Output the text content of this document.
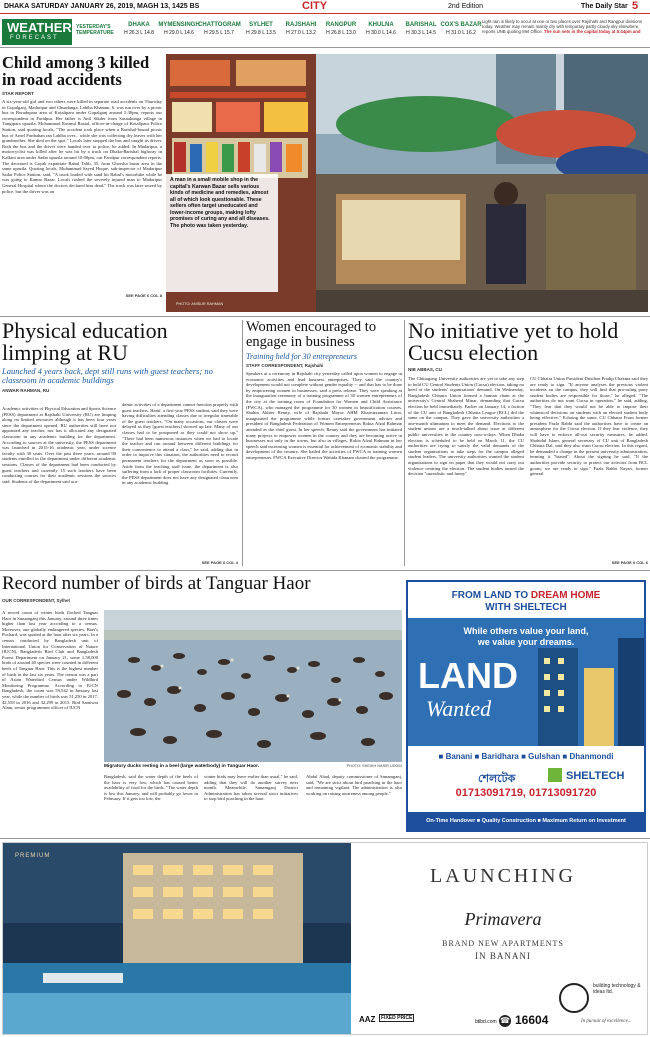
DHAKA SATURDAY JANUARY 26, 2019, MAGH 13, 1425 BS	CITY	2nd Edition	The Daily Star 5
WEATHER
FORECAST
YESTERDAY'S TEMPERATURE
DHAKA
H 26.3 L 14.8
MYMENSINGH
H 29.0 L 14.6
CHATTOGRAM
H 29.5 L 15.7
SYLHET
H 29.8 L 13.5
RAJSHAHI
H 27.0 L 13.2
RANGPUR
H 26.8 L 13.0
KHULNA
H 30.0 L 14.6
BARISHAL
H 30.3 L 14.5
COX'S BAZAR
H 31.0 L 16.2
Light rain is likely to occur at one or two places over Rajshahi and Rangpur divisions today. Weather may remain mainly dry with temporary partly cloudy sky elsewhere, reports UNB quoting Met Office. The sun sets in the capital today at 5:44pm and
Child among 3 killed in road accidents
STAR REPORT
A six-year-old girl and two others were killed in separate road accidents on Thursday in Gopalganj, Madaripur and Chuadanga. Labiba Khanam, 6, was run over by a picnic bus in Boradupara area of Kotalipara under Gopalganj around 5:30pm, reports our correspondent in Faridpur. Her father is Anil Sikder from Sasnakunga village in Tungipara upazila. Mohammad Rasmul Rustal, officer-in-charge of Kotalipara Police Station, said quoting locals, "The accident took place when a Barishal-bound picnic bus of Arnel Paribahan ran Labiba over... while she was collecting dry leaves with her grandmother. She died on the spot." Locals later stopped the bus and caught its driver. Both the bus and the driver were handed over to police, he added. In Madaripur, a motorcyclist was killed after he was hit by a truck on Dhaka-Barishal highway in Kalkini area under Sadar upazila around 10:00pm, our Faridpur correspondent reports. The deceased is Gayak expatriate Babul Talib, 35, from Ghorsha bazar area in the same upazila. Quoting locals, Muhammad Sayed Hoque, sub-inspector of Madaripur Sadar Police Station, said, "A truck loaded with sand hit Babul's motorbike while he was going to Kamar Bazar. Locals rushed the severely injured man to Madaripur General Hospital where the doctors declared him dead." The truck was later seized by police, but the driver was on
SEE PAGE 6 COL 8
A man in a small mobile shop in the capital's Karwan Bazar sells various kinds of medicine and remedies, almost all of which look questionable. These sellers often target uneducated and lower-income groups, making lofty promises of curing any and all diseases. The photo was taken yesterday.
PHOTO: ANISUR RAHMAN
Physical education limping at RU
Launched 4 years back, dept still runs with guest teachers; no classroom in academic buildings
ANWAR RAHMAN, RU
Academic activities of Physical Education and Sports Science (PESS) department at Rajshahi University (RU) are limping along on limited resources although it has been four years since the department opened. RU authorities still have not appointed any teacher, nor has it allocated any designated classroom in any academic building for the department. According to sources at the university, the PESS department was launched in 2015-16 academic year, under science faculty with 30 seats. Over the past three years, around 90 students enrolled in the department under different academic sessions. Classes of the department had been conducted by guest teachers and currently 15 such teachers have been conducting courses for their academic sessions the sources said. Students of the department said aca-
demic activities of a department cannot function properly with guest teachers. Hanif, a first-year PESS student, said they were having difficulties attending classes due to irregular timetable of the guest teachers. "On many occasions, our classes were delayed as they [guest teachers] showed up late. Many of our classes had to be postponed as they could not show up." "There had been numerous instances when we had to locate the teacher and run around between different buildings for their convenience to attend a class," he said, adding that in order to improve this situation, the authorities need to recruit permanent teachers for the department as soon as possible. Aside from the teaching staff issue, the department is also suffering from a lack of proper classroom facilities. Currently, the PESS department does not have any designated classroom in any academic building
SEE PAGE 6 COL 4
Women encouraged to engage in business
Training held for 30 entrepreneurs
STAFF CORRESPONDENT, Rajshahi
Speakers at a ceremony in Rajshahi city yesterday called upon women to engage in economic activities and lead business enterprises. They said the country's development would not complete without gender equality -- and that has to be done by empowering women in businesses, said a press release. They were speaking at the inauguration ceremony of a training programme of 30 women entrepreneurs of the city at the training room of Foundation for Women and Child Assistance (FWCA), who managed the programme for 30 women in beautification courses. Shahin Akhter Renny, wife of Rajshahi Mayor AHM Khairuzzaman Liton, inaugurated the programme while former caretaker government adviser and president of Bangladesh Federation of Women Entrepreneurs Rokia Afzal Rahman attended as the chief guest. In her speech, Renny said the government has initiated many projects to empower women in the country and they are becoming active in businesses not only in the towns, but also in villages. Rokia Afzal Rahman in her speech said increasing women is essential for achievement of economic stability and development of the country. She hailed the activities of FWCA in training women entrepreneurs. FWCA Executive Director Wahida Khanam chaired the programme.
No initiative yet to hold Cucsu election
NIB ABBAS, CU
The Chittagong University authorities are yet to take any step to hold CU Central Students Union (Cucsu) election, taking no heed of the students' organisations' demand. On Wednesday, Bangladesh Chhatra Union formed a human chain at the university's Central Shaheed Minar, demanding that Cucsu election be held immediately. Earlier on January 14, a faction of the CU unit of Bangladesh Chhatra League (BCL) did the same on the campus. They gave the university authorities a one-month ultimatum to meet the demand. Elections to the student unions are a much-talked about issue at different public universities in the country now-a-days. When Dhaka election is scheduled to be held on March 11, the CU authorities are trying to satisfy the valid demands of the student organisations to take steps for the campus alleged student leaders. The university authorities wanted the student organisations to sign on paper that they would not carry out violence centring the election. The student bodies turned the decision "unrealistic and funny".
CU Chhatra Union President Dristhon Pradip Chakma said they are ready to sign. "If anyone analyses the previous violent incidents on the campus, they will find that pro-ruling party student bodies are responsible for those," he alleged. "The authorities do not want Cucsu in operation," he said, adding, "They fear that they would not be able to impose their whimsical decisions on students with an elected student body being effective." Echoing the same, CU Chhatra Front former president Fazla Rabbi said the authorities have to create an atmosphere for the Cucsu election. If they fear violence, they will have to enforce all-out security measures, he added. Shahidul Islam, general secretary of CU unit of Bangladesh Chhatra Dal, said they also want Cucsu election. In this regard, he demanded a change in the present university administration, terming it "biased". About the signing he said, "If the authorities provide security to protect our activists from BCL goons, we are ready to sign." Fazla Rabbi Nayan, former general
SEE PAGE 6 COL 6
Record number of birds at Tanguar Haor
OUR CORRESPONDENT, Sylhet
A record count of winter birds flocked Tanguar Haor in Sunamganj this January, around three times higher than last year according to a census. Moreover, one globally endangered species, Baer's Pochard, was spotted at the haor after six years. In a census conducted by Bangladesh unit of International Union for Conservation of Nature (IUCN), Bangladesh Bird Club and Bangladesh Forest Department on January 21, some 1,58,000 birds of around 40 species were counted in different beels of Tanguar Haor. This is the highest number of birds in the last six years. The census was a part of Asian Waterbird Census under Wildbird Monitoring Programme. According to IUCN Bangladesh, the count was 59,542 in January last year, while the number of birds was 51,250 in 2017, 42,558 in 2016 and 32,299 in 2015. Bird Samiwat Alam, senior programmes officer of IUCN
Migratory ducks resting in a beel (large waterbody) in Tanguar Haor.	PHOTO: SHEIKH NASIR UDDIN
Bangladesh, said the water depth of the beels of the haor is very low, which has caused better availability of food for the birds. "The water depth is low this January, and will probably go lower in February. If it gets too low, the
winter birds may leave earlier than usual," he said, adding that they will do another survey next month. Meanwhile, Sunamganj District Administration has taken several strict initiatives to stop bird poaching in the haor.
Abdul Ahad, deputy commissioner of Sunamganj, said, "We are strict about bird poaching in the haor and remaining vigilant. The administration is also working on raising awareness among people."
FROM LAND TO DREAM HOME
WITH SHELTECH
While others value your land,
we value your dreams.
LAND
Wanted
■ Banani ■ Baridhara ■ Gulshan ■ Dhanmondi
শেলটেক	SHELTECH
01713091719, 01713091720
On-Time Handover ■ Quality Construction ■ Maximum Return on Investment
PREMIUM
LAUNCHING
Primavera
BRAND NEW APARTMENTS
IN BANANI
building technology & ideas ltd.
In pursuit of excellence...
AAZ	FIXED PRICE
btibd.com ☎ 16604
